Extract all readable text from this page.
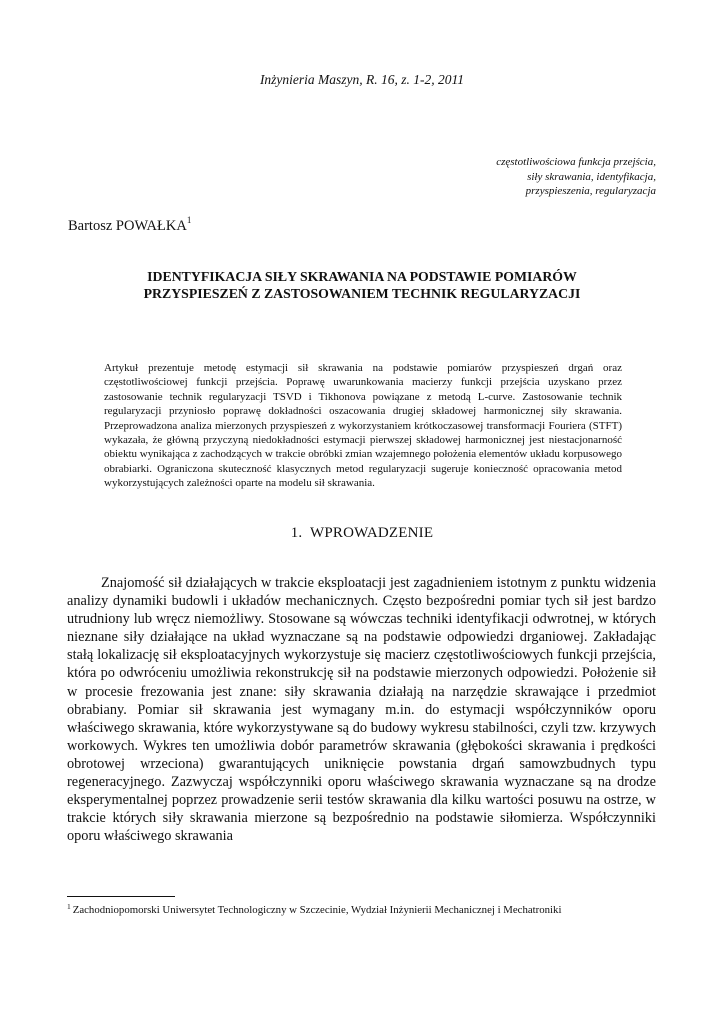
Inżynieria Maszyn, R. 16, z. 1-2, 2011
częstotliwościowa funkcja przejścia,
siły skrawania, identyfikacja,
przyspieszenia, regularyzacja
Bartosz POWAŁKA$^1$
IDENTYFIKACJA SIŁY SKRAWANIA NA PODSTAWIE POMIARÓW
PRZYSPIESZEŃ Z ZASTOSOWANIEM TECHNIK REGULARYZACJI
Artykuł prezentuje metodę estymacji sił skrawania na podstawie pomiarów przyspieszeń drgań oraz częstotliwościowej funkcji przejścia. Poprawę uwarunkowania macierzy funkcji przejścia uzyskano przez zastosowanie technik regularyzacji TSVD i Tikhonova powiązane z metodą L-curve. Zastosowanie technik regularyzacji przyniosło poprawę dokładności oszacowania drugiej składowej harmonicznej siły skrawania. Przeprowadzona analiza mierzonych przyspieszeń z wykorzystaniem krótkoczasowej transformacji Fouriera (STFT) wykazała, że główną przyczyną niedokładności estymacji pierwszej składowej harmonicznej jest niestacjonarność obiektu wynikająca z zachodzących w trakcie obróbki zmian wzajemnego położenia elementów układu korpusowego obrabiarki. Ograniczona skuteczność klasycznych metod regularyzacji sugeruje konieczność opracowania metod wykorzystujących zależności oparte na modelu sił skrawania.
1. WPROWADZENIE
Znajomość sił działających w trakcie eksploatacji jest zagadnieniem istotnym z punktu widzenia analizy dynamiki budowli i układów mechanicznych. Często bezpośredni pomiar tych sił jest bardzo utrudniony lub wręcz niemożliwy. Stosowane są wówczas techniki identyfikacji odwrotnej, w których nieznane siły działające na układ wyznaczane są na podstawie odpowiedzi drganiowej. Zakładając stałą lokalizację sił eksploatacyjnych wykorzystuje się macierz częstotliwościowych funkcji przejścia, która po odwróceniu umożliwia rekonstrukcję sił na podstawie mierzonych odpowiedzi. Położenie sił w procesie frezowania jest znane: siły skrawania działają na narzędzie skrawające i przedmiot obrabiany. Pomiar sił skrawania jest wymagany m.in. do estymacji współczynników oporu właściwego skrawania, które wykorzystywane są do budowy wykresu stabilności, czyli tzw. krzywych workowych. Wykres ten umożliwia dobór parametrów skrawania (głębokości skrawania i prędkości obrotowej wrzeciona) gwarantujących uniknięcie powstania drgań samowzbudnych typu regeneracyjnego. Zazwyczaj współczynniki oporu właściwego skrawania wyznaczane są na drodze eksperymentalnej poprzez prowadzenie serii testów skrawania dla kilku wartości posuwu na ostrze, w trakcie których siły skrawania mierzone są bezpośrednio na podstawie siłomierza. Współczynniki oporu właściwego skrawania
$^1$ Zachodniopomorski Uniwersytet Technologiczny w Szczecinie, Wydział Inżynierii Mechanicznej i Mechatroniki
